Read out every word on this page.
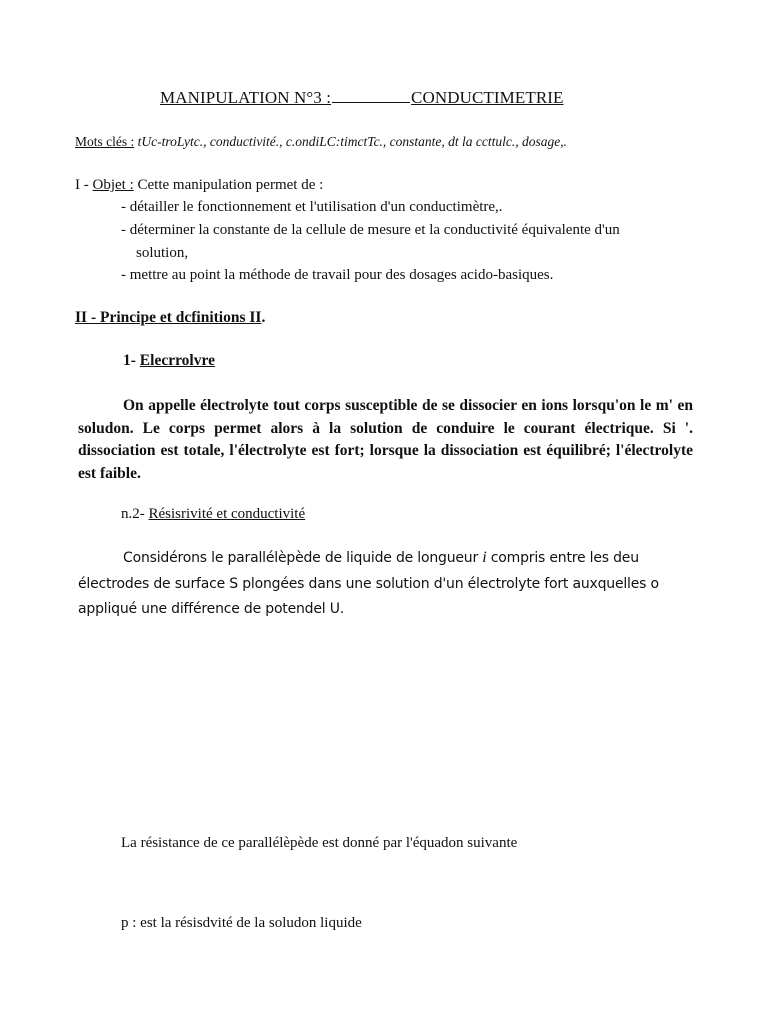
MANIPULATION N°3 :	CONDUCTIMETRIE
Mots clés : tUc-troLytc., conductivité., c.ondiLC:timctTc., constante, dt la ccttulc., dosage,.
I - Objet : Cette manipulation permet de :
- détailler le fonctionnement et l'utilisation d'un conductimètre,.
- déterminer la constante de la cellule de mesure et la conductivité équivalente d'un
solution,
- mettre au point la méthode de travail pour des dosages acido-basiques.
II - Principe et dcfinitions II.
1- Elecrrolvre
On appelle électrolyte tout corps susceptible de se dissocier en ions lorsqu'on le m' en soludon. Le corps permet alors à la solution de conduire le courant électrique. Si '. dissociation est totale, l'électrolyte est fort; lorsque la dissociation est équilibré; l'électrolyte est faible.
n.2- Résisrivité et conductivité
Considérons le parallélèpède de liquide de longueur i compris entre les deu
électrodes de surface S plongées dans une solution d'un électrolyte fort auxquelles o
appliqué une différence de potendel U.
La résistance de ce parallélèpède est donné par l'équadon suivante
p : est la résisdvité de la soludon liquide
